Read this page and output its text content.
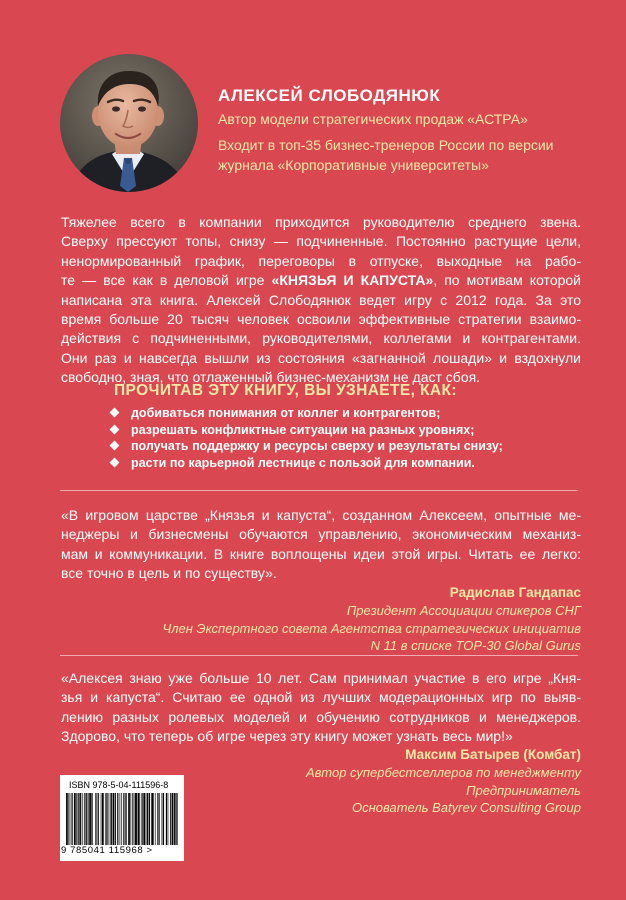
АЛЕКСЕЙ СЛОБОДЯНЮК
Автор модели стратегических продаж «АСТРА»
Входит в топ-35 бизнес-тренеров России по версии
журнала «Корпоративные университеты»
Тяжелее всего в компании приходится руководителю среднего звена.
Сверху прессуют топы, снизу — подчиненные. Постоянно растущие цели,
ненормированный график, переговоры в отпуске, выходные на рабо-
те — все как в деловой игре «КНЯЗЬЯ И КАПУСТА», по мотивам которой
написана эта книга. Алексей Слободянюк ведет игру с 2012 года. За это
время больше 20 тысяч человек освоили эффективные стратегии взаимо-
действия с подчиненными, руководителями, коллегами и контрагентами.
Они раз и навсегда вышли из состояния «загнанной лошади» и вздохнули
свободно, зная, что отлаженный бизнес-механизм не даст сбоя.
ПРОЧИТАВ ЭТУ КНИГУ, ВЫ УЗНАЕТЕ, КАК:
добиваться понимания от коллег и контрагентов;
разрешать конфликтные ситуации на разных уровнях;
получать поддержку и ресурсы сверху и результаты снизу;
расти по карьерной лестнице с пользой для компании.
«В игровом царстве „Князья и капуста“, созданном Алексеем, опытные ме-
неджеры и бизнесмены обучаются управлению, экономическим механиз-
мам и коммуникации. В книге воплощены идеи этой игры. Читать ее легко:
все точно в цель и по существу».
Радислав Гандапас
Президент Ассоциации спикеров СНГ
Член Экспертного совета Агентства стратегических инициатив
N 11 в списке TOP-30 Global Gurus
«Алексея знаю уже больше 10 лет. Сам принимал участие в его игре „Кня-
зья и капуста“. Считаю ее одной из лучших модерационных игр по выяв-
лению разных ролевых моделей и обучению сотрудников и менеджеров.
Здорово, что теперь об игре через эту книгу может узнать весь мир!»
Максим Батырев (Комбат)
Автор супербестселлеров по менеджменту
Предприниматель
Основатель Batyrev Consulting Group
ISBN 978-5-04-111596-8
9 785041 115968 >
